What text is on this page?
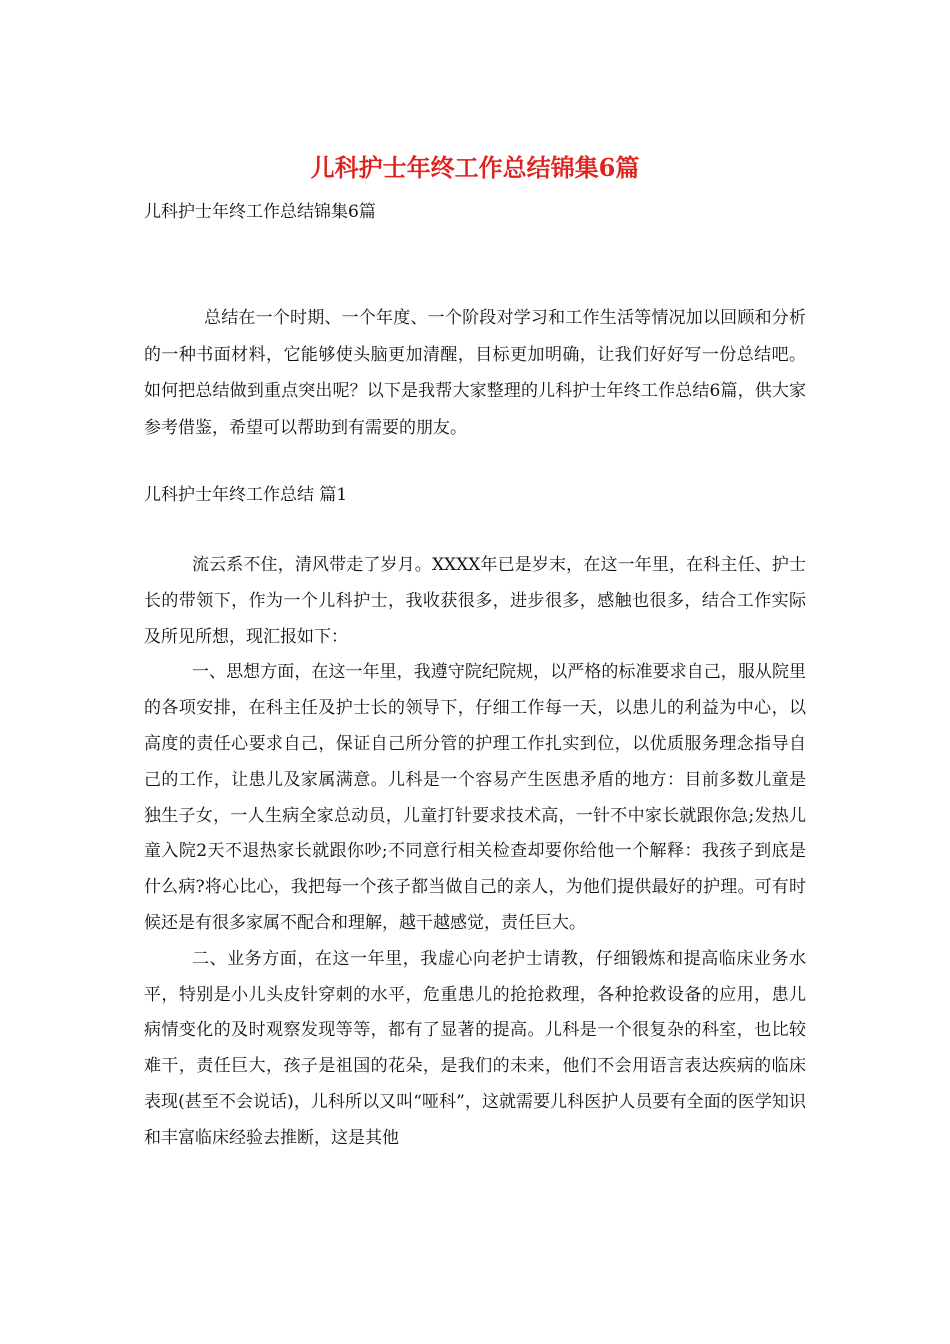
儿科护士年终工作总结锦集6篇

儿科护士年终工作总结锦集6篇

总结在一个时期、一个年度、一个阶段对学习和工作生活等情况加以回顾和分析的一种书面材料，它能够使头脑更加清醒，目标更加明确，让我们好好写一份总结吧。如何把总结做到重点突出呢？以下是我帮大家整理的儿科护士年终工作总结6篇，供大家参考借鉴，希望可以帮助到有需要的朋友。

儿科护士年终工作总结 篇1

流云系不住，清风带走了岁月。XXXX年已是岁末，在这一年里，在科主任、护士长的带领下，作为一个儿科护士，我收获很多，进步很多，感触也很多，结合工作实际及所见所想，现汇报如下：

一、思想方面，在这一年里，我遵守院纪院规，以严格的标准要求自己，服从院里的各项安排，在科主任及护士长的领导下，仔细工作每一天，以患儿的利益为中心，以高度的责任心要求自己，保证自己所分管的护理工作扎实到位，以优质服务理念指导自己的工作，让患儿及家属满意。儿科是一个容易产生医患矛盾的地方：目前多数儿童是独生子女，一人生病全家总动员，儿童打针要求技术高，一针不中家长就跟你急;发热儿童入院2天不退热家长就跟你吵;不同意行相关检查却要你给他一个解释：我孩子到底是什么病?将心比心，我把每一个孩子都当做自己的亲人，为他们提供最好的护理。可有时候还是有很多家属不配合和理解，越干越感觉，责任巨大。

二、业务方面，在这一年里，我虚心向老护士请教，仔细锻炼和提高临床业务水平，特别是小儿头皮针穿刺的水平，危重患儿的抢抢救理，各种抢救设备的应用，患儿病情变化的及时观察发现等等，都有了显著的提高。儿科是一个很复杂的科室，也比较难干，责任巨大，孩子是祖国的花朵，是我们的未来，他们不会用语言表达疾病的临床表现(甚至不会说话)，儿科所以又叫“哑科”，这就需要儿科医护人员要有全面的医学知识和丰富临床经验去推断，这是其他
